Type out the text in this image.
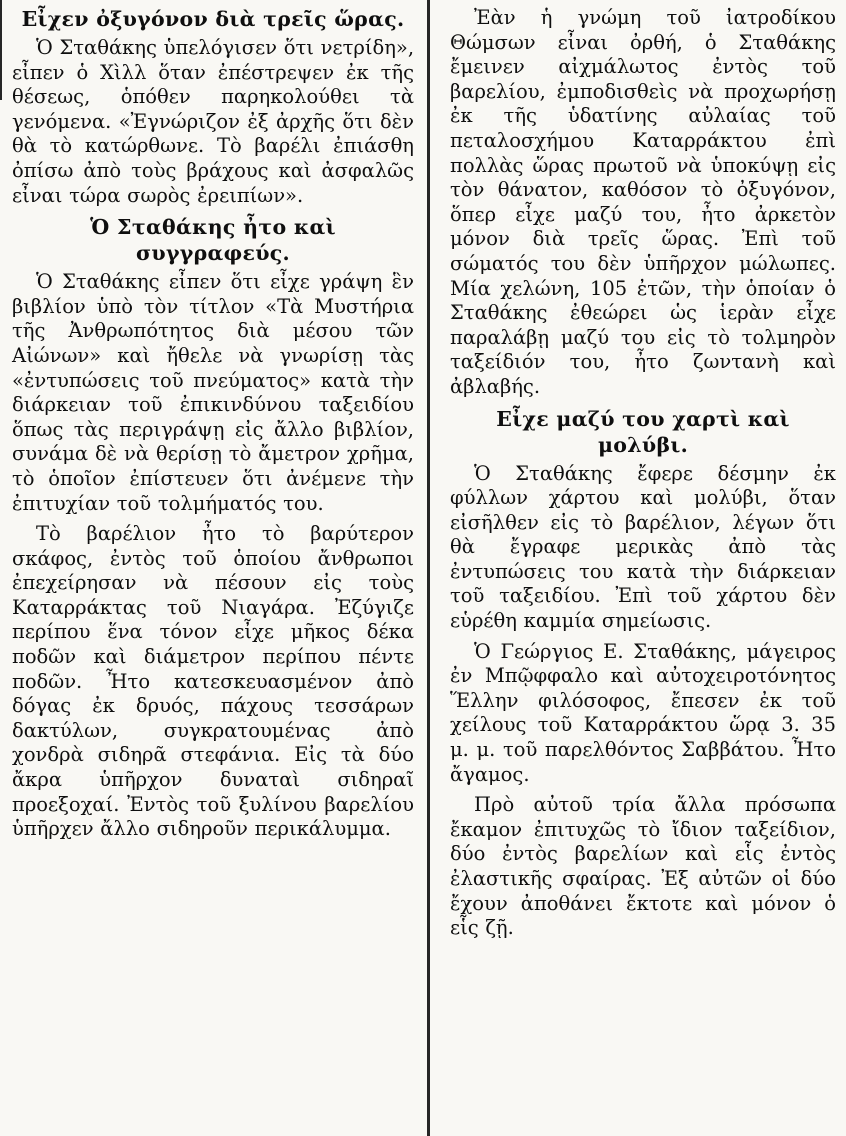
Εἶχεν ὀξυγόνον διὰ τρεῖς ὥρας.

Ὁ Σταθάκης ὑπελόγισεν ὅτι νετρίδη», εἶπεν ὁ Χὶλλ ὅταν ἐπέστρεψεν ἐκ τῆς θέσεως, ὁπόθεν παρηκολούθει τὰ γενόμενα. «Ἐγνώριζον ἐξ ἀρχῆς ὅτι δὲν θὰ τὸ κατώρθωνε. Τὸ βαρέλι ἐπιάσθη ὀπίσω ἀπὸ τοὺς βράχους καὶ ἀσφαλῶς εἶναι τώρα σωρὸς ἐρειπίων».

Ὁ Σταθάκης ἦτο καὶ συγγραφεύς.

Ὁ Σταθάκης εἶπεν ὅτι εἶχε γράψη ἓν βιβλίον ὑπὸ τὸν τίτλον «Τὰ Μυστήρια τῆς Ἀνθρωπότητος διὰ μέσου τῶν Αἰώνων» καὶ ἤθελε νὰ γνωρίσῃ τὰς «ἐντυπώσεις τοῦ πνεύματος» κατὰ τὴν διάρκειαν τοῦ ἐπικινδύνου ταξειδίου ὅπως τὰς περιγράψῃ εἰς ἄλλο βιβλίον, συνάμα δὲ νὰ θερίσῃ τὸ ἄμετρον χρῆμα, τὸ ὁποῖον ἐπίστευεν ὅτι ἀνέμενε τὴν ἐπιτυχίαν τοῦ τολμήματός του.

Τὸ βαρέλιον ἦτο τὸ βαρύτερον σκάφος, ἐντὸς τοῦ ὁποίου ἄνθρωποι ἐπεχείρησαν νὰ πέσουν εἰς τοὺς Καταρράκτας τοῦ Νιαγάρα. Ἐζύγιζε περίπου ἕνα τόνον εἶχε μῆκος δέκα ποδῶν καὶ διάμετρον περίπου πέντε ποδῶν. Ἦτο κατεσκευασμένον ἀπὸ δόγας ἐκ δρυός, πάχους τεσσάρων δακτύλων, συγκρατουμένας ἀπὸ χονδρὰ σιδηρᾶ στεφάνια. Εἰς τὰ δύο ἄκρα ὑπῆρχον δυναταὶ σιδηραῖ προεξοχαί. Ἐντὸς τοῦ ξυλίνου βαρελίου ὑπῆρχεν ἄλλο σιδηροῦν περικάλυμμα.

Ἐὰν ἡ γνώμη τοῦ ἰατροδίκου Θώμσων εἶναι ὀρθή, ὁ Σταθάκης ἔμεινεν αἰχμάλωτος ἐντὸς τοῦ βαρελίου, ἐμποδισθεὶς νὰ προχωρήσῃ ἐκ τῆς ὑδατίνης αὐλαίας τοῦ πεταλοσχήμου Καταρράκτου ἐπὶ πολλὰς ὥρας πρωτοῦ νὰ ὑποκύψῃ εἰς τὸν θάνατον, καθόσον τὸ ὀξυγόνον, ὅπερ εἶχε μαζύ του, ἦτο ἀρκετὸν μόνον διὰ τρεῖς ὥρας. Ἐπὶ τοῦ σώματός του δὲν ὑπῆρχον μώλωπες. Μία χελώνη, 105 ἐτῶν, τὴν ὁποίαν ὁ Σταθάκης ἐθεώρει ὡς ἱερὰν εἶχε παραλάβῃ μαζύ του εἰς τὸ τολμηρὸν ταξείδιόν του, ἦτο ζωντανὴ καὶ ἀβλαβής.

Εἶχε μαζύ του χαρτὶ καὶ μολύβι.

Ὁ Σταθάκης ἔφερε δέσμην ἐκ φύλλων χάρτου καὶ μολύβι, ὅταν εἰσῆλθεν εἰς τὸ βαρέλιον, λέγων ὅτι θὰ ἔγραφε μερικὰς ἀπὸ τὰς ἐντυπώσεις του κατὰ τὴν διάρκειαν τοῦ ταξειδίου. Ἐπὶ τοῦ χάρτου δὲν εὑρέθη καμμία σημείωσις.

Ὁ Γεώργιος Ε. Σταθάκης, μάγειρος ἐν Μπῷφφαλο καὶ αὐτοχειροτόνητος Ἕλλην φιλόσοφος, ἔπεσεν ἐκ τοῦ χείλους τοῦ Καταρράκτου ὥρᾳ 3. 35 μ. μ. τοῦ παρελθόντος Σαββάτου. Ἦτο ἄγαμος.

Πρὸ αὐτοῦ τρία ἄλλα πρόσωπα ἔκαμον ἐπιτυχῶς τὸ ἴδιον ταξείδιον, δύο ἐντὸς βαρελίων καὶ εἷς ἐντὸς ἐλαστικῆς σφαίρας. Ἐξ αὐτῶν οἱ δύο ἔχουν ἀποθάνει ἔκτοτε καὶ μόνον ὁ εἷς ζῇ.
